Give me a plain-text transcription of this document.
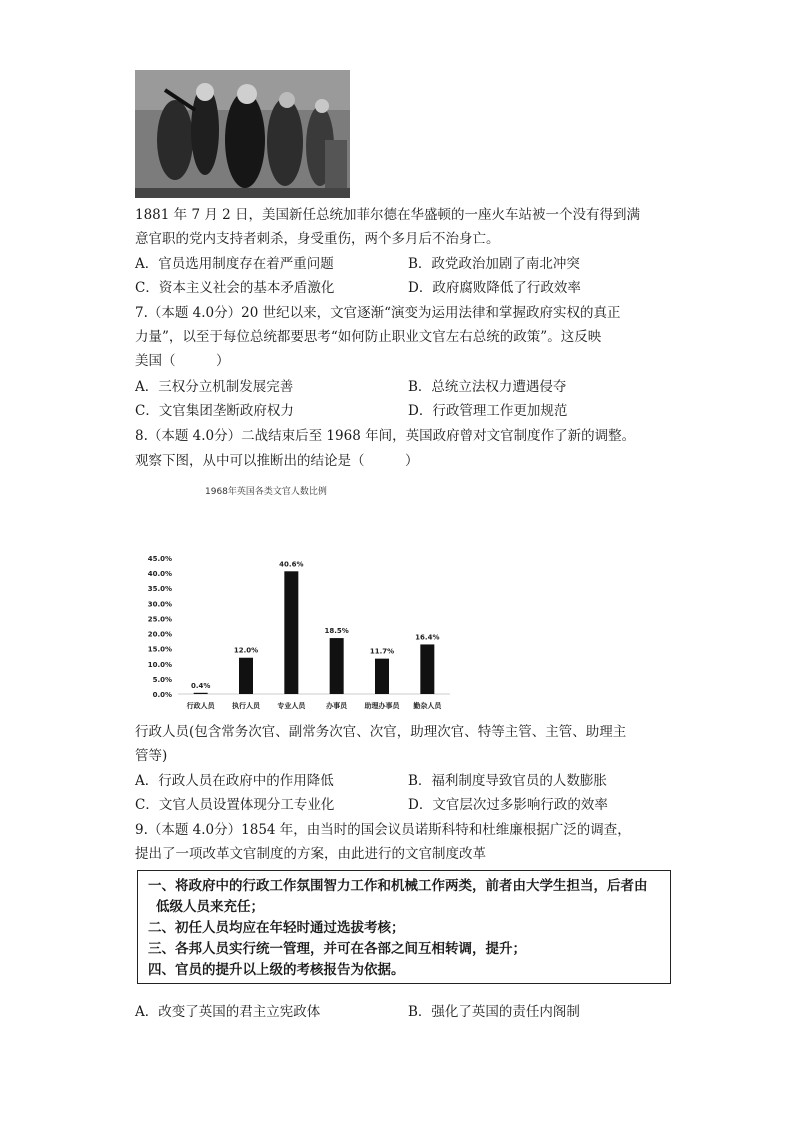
1881 年 7 月 2 日，美国新任总统加菲尔德在华盛顿的一座火车站被一个没有得到满
意官职的党内支持者刺杀，身受重伤，两个多月后不治身亡。
A．官员选用制度存在着严重问题	B．政党政治加剧了南北冲突
C．资本主义社会的基本矛盾激化	D．政府腐败降低了行政效率
7.（本题 4.0分）20 世纪以来，文官逐渐“演变为运用法律和掌握政府实权的真正
力量”，以至于每位总统都要思考“如何防止职业文官左右总统的政策”。这反映
美国（　　　）
A．三权分立机制发展完善	B．总统立法权力遭遇侵夺
C．文官集团垄断政府权力	D．行政管理工作更加规范
8.（本题 4.0分）二战结束后至 1968 年间，英国政府曾对文官制度作了新的调整。
观察下图，从中可以推断出的结论是（　　　）
1968年英国各类文官人数比例
0.0%
5.0%
10.0%
15.0%
20.0%
25.0%
30.0%
35.0%
40.0%
45.0%
0.4%
行政人员
12.0%
执行人员
40.6%
专业人员
18.5%
办事员
11.7%
助理办事员
16.4%
勤杂人员
行政人员(包含常务次官、副常务次官、次官，助理次官、特等主管、主管、助理主
管等)
A．行政人员在政府中的作用降低	B．福利制度导致官员的人数膨胀
C．文官人员设置体现分工专业化	D．文官层次过多影响行政的效率
9.（本题 4.0分）1854 年，由当时的国会议员诺斯科特和杜维廉根据广泛的调查，
提出了一项改革文官制度的方案，由此进行的文官制度改革
一、将政府中的行政工作氛围智力工作和机械工作两类，前者由大学生担当，后者由
低级人员来充任；
二、初任人员均应在年轻时通过选拔考核；
三、各邦人员实行统一管理，并可在各部之间互相转调，提升；
四、官员的提升以上级的考核报告为依据。
A．改变了英国的君主立宪政体	B．强化了英国的责任内阁制
